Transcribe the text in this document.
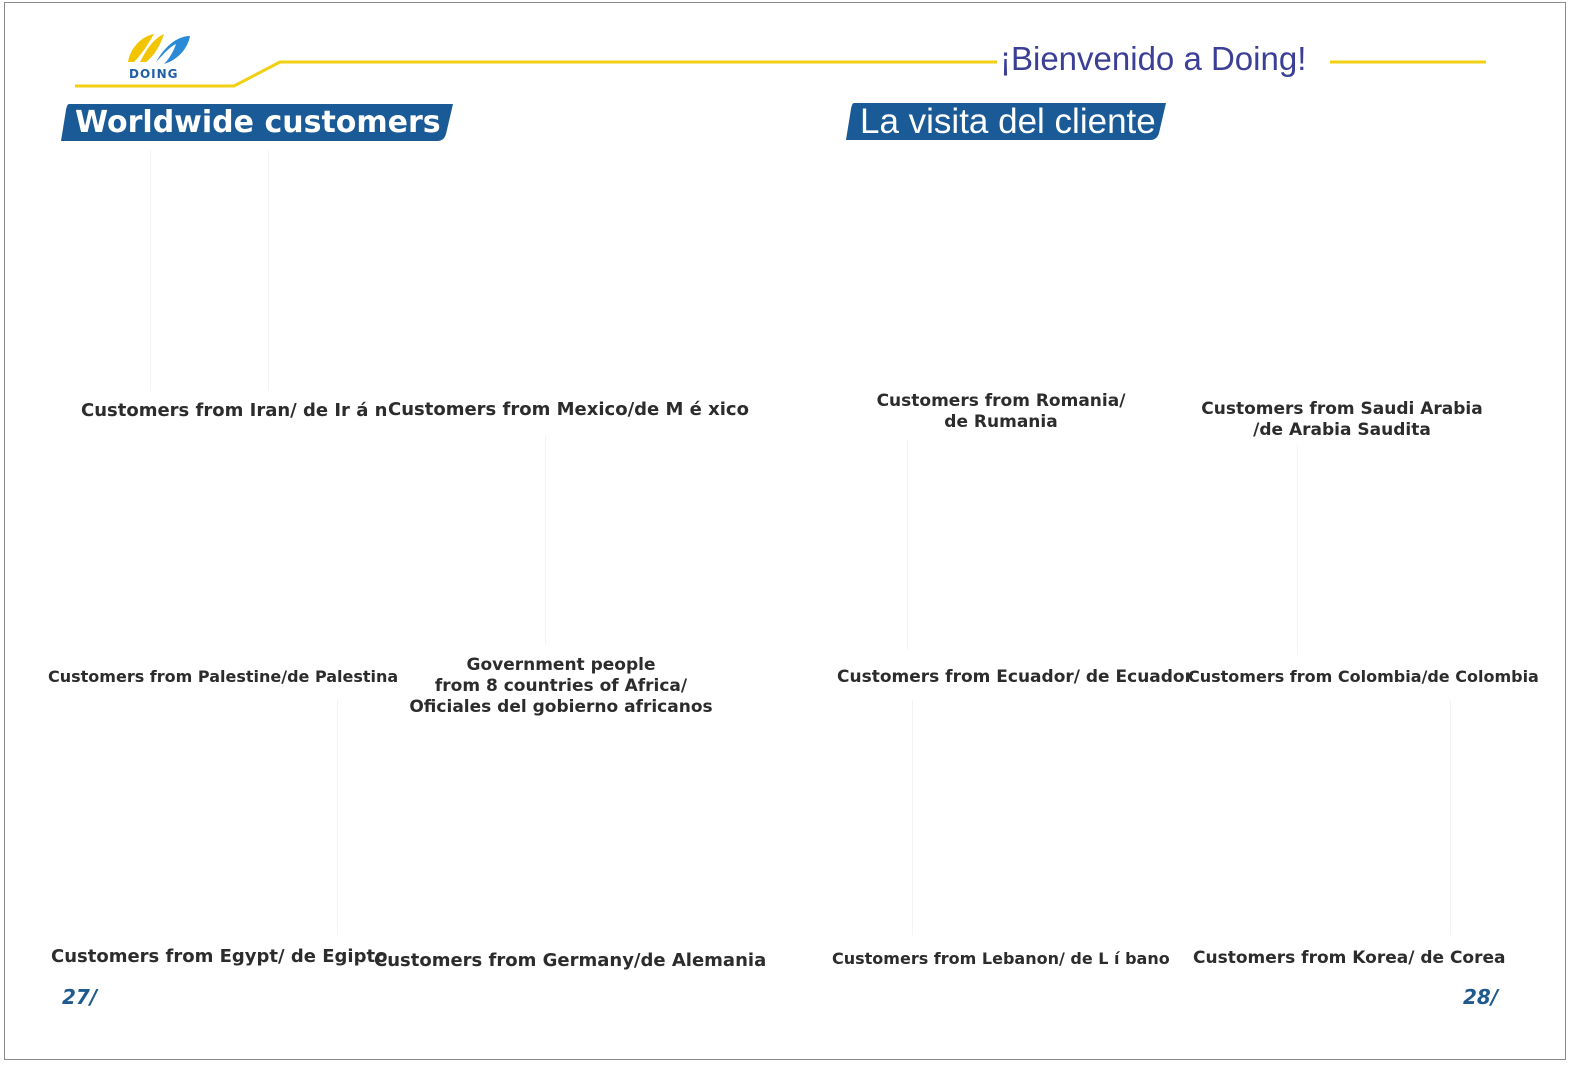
DOING	¡Bienvenido a Doing!
Worldwide customers	La visita del cliente
Customers from Iran/ de Ir á n Customers from Mexico/de M é xico
Customers from Palestine/de Palestina
Government people
from 8 countries of Africa/
Oficiales del gobierno africanos
Customers from Egypt/ de Egipto
Customers from Germany/de Alemania
Customers from Romania/
de Rumania
Customers from Saudi Arabia
/de Arabia Saudita
Customers from Ecuador/ de Ecuador
Customers from Colombia/de Colombia
Customers from Lebanon/ de L í bano Customers from Korea/ de Corea
27/	28/
